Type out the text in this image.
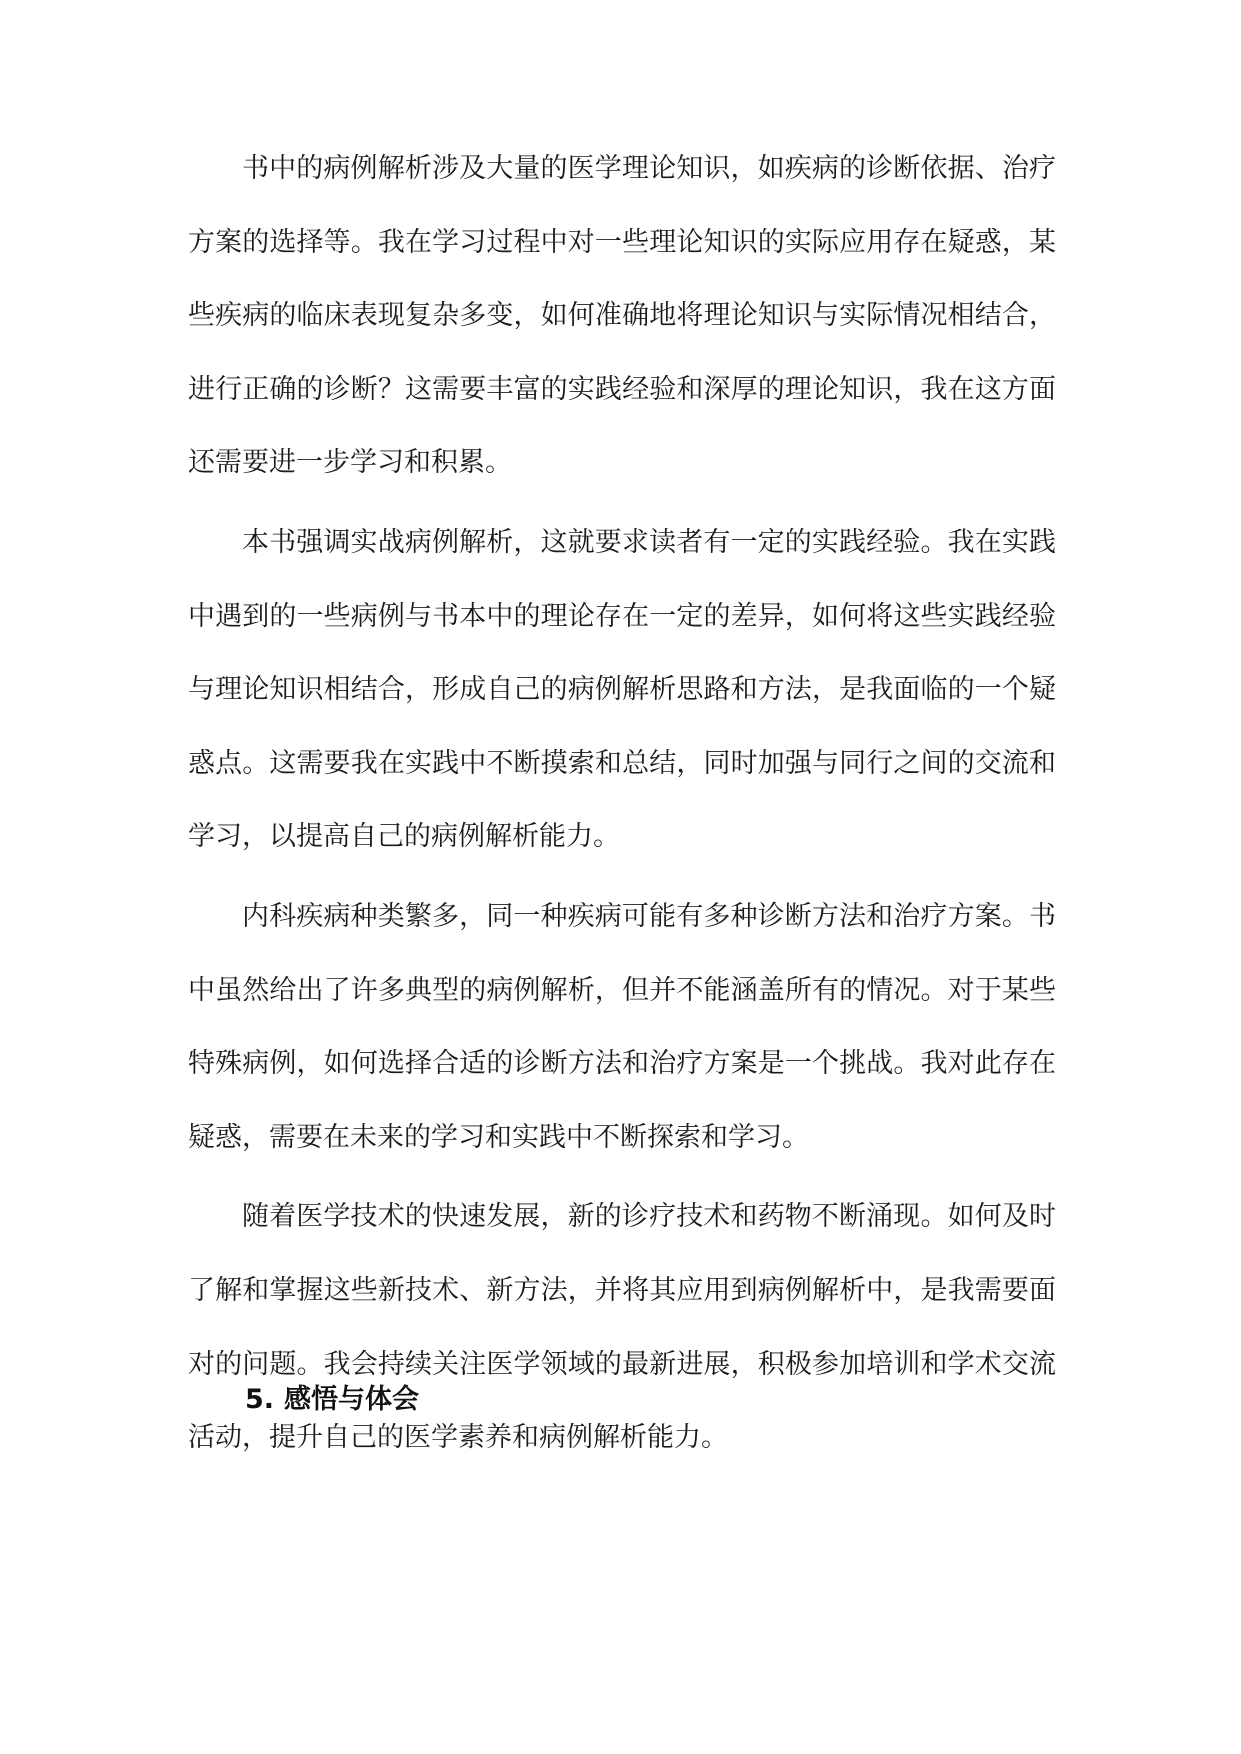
书中的病例解析涉及大量的医学理论知识，如疾病的诊断依据、治疗方案的选择等。我在学习过程中对一些理论知识的实际应用存在疑惑，某些疾病的临床表现复杂多变，如何准确地将理论知识与实际情况相结合，进行正确的诊断？这需要丰富的实践经验和深厚的理论知识，我在这方面还需要进一步学习和积累。

本书强调实战病例解析，这就要求读者有一定的实践经验。我在实践中遇到的一些病例与书本中的理论存在一定的差异，如何将这些实践经验与理论知识相结合，形成自己的病例解析思路和方法，是我面临的一个疑惑点。这需要我在实践中不断摸索和总结，同时加强与同行之间的交流和学习，以提高自己的病例解析能力。

内科疾病种类繁多，同一种疾病可能有多种诊断方法和治疗方案。书中虽然给出了许多典型的病例解析，但并不能涵盖所有的情况。对于某些特殊病例，如何选择合适的诊断方法和治疗方案是一个挑战。我对此存在疑惑，需要在未来的学习和实践中不断探索和学习。

随着医学技术的快速发展，新的诊疗技术和药物不断涌现。如何及时了解和掌握这些新技术、新方法，并将其应用到病例解析中，是我需要面对的问题。我会持续关注医学领域的最新进展，积极参加培训和学术交流活动，提升自己的医学素养和病例解析能力。

5. 感悟与体会
